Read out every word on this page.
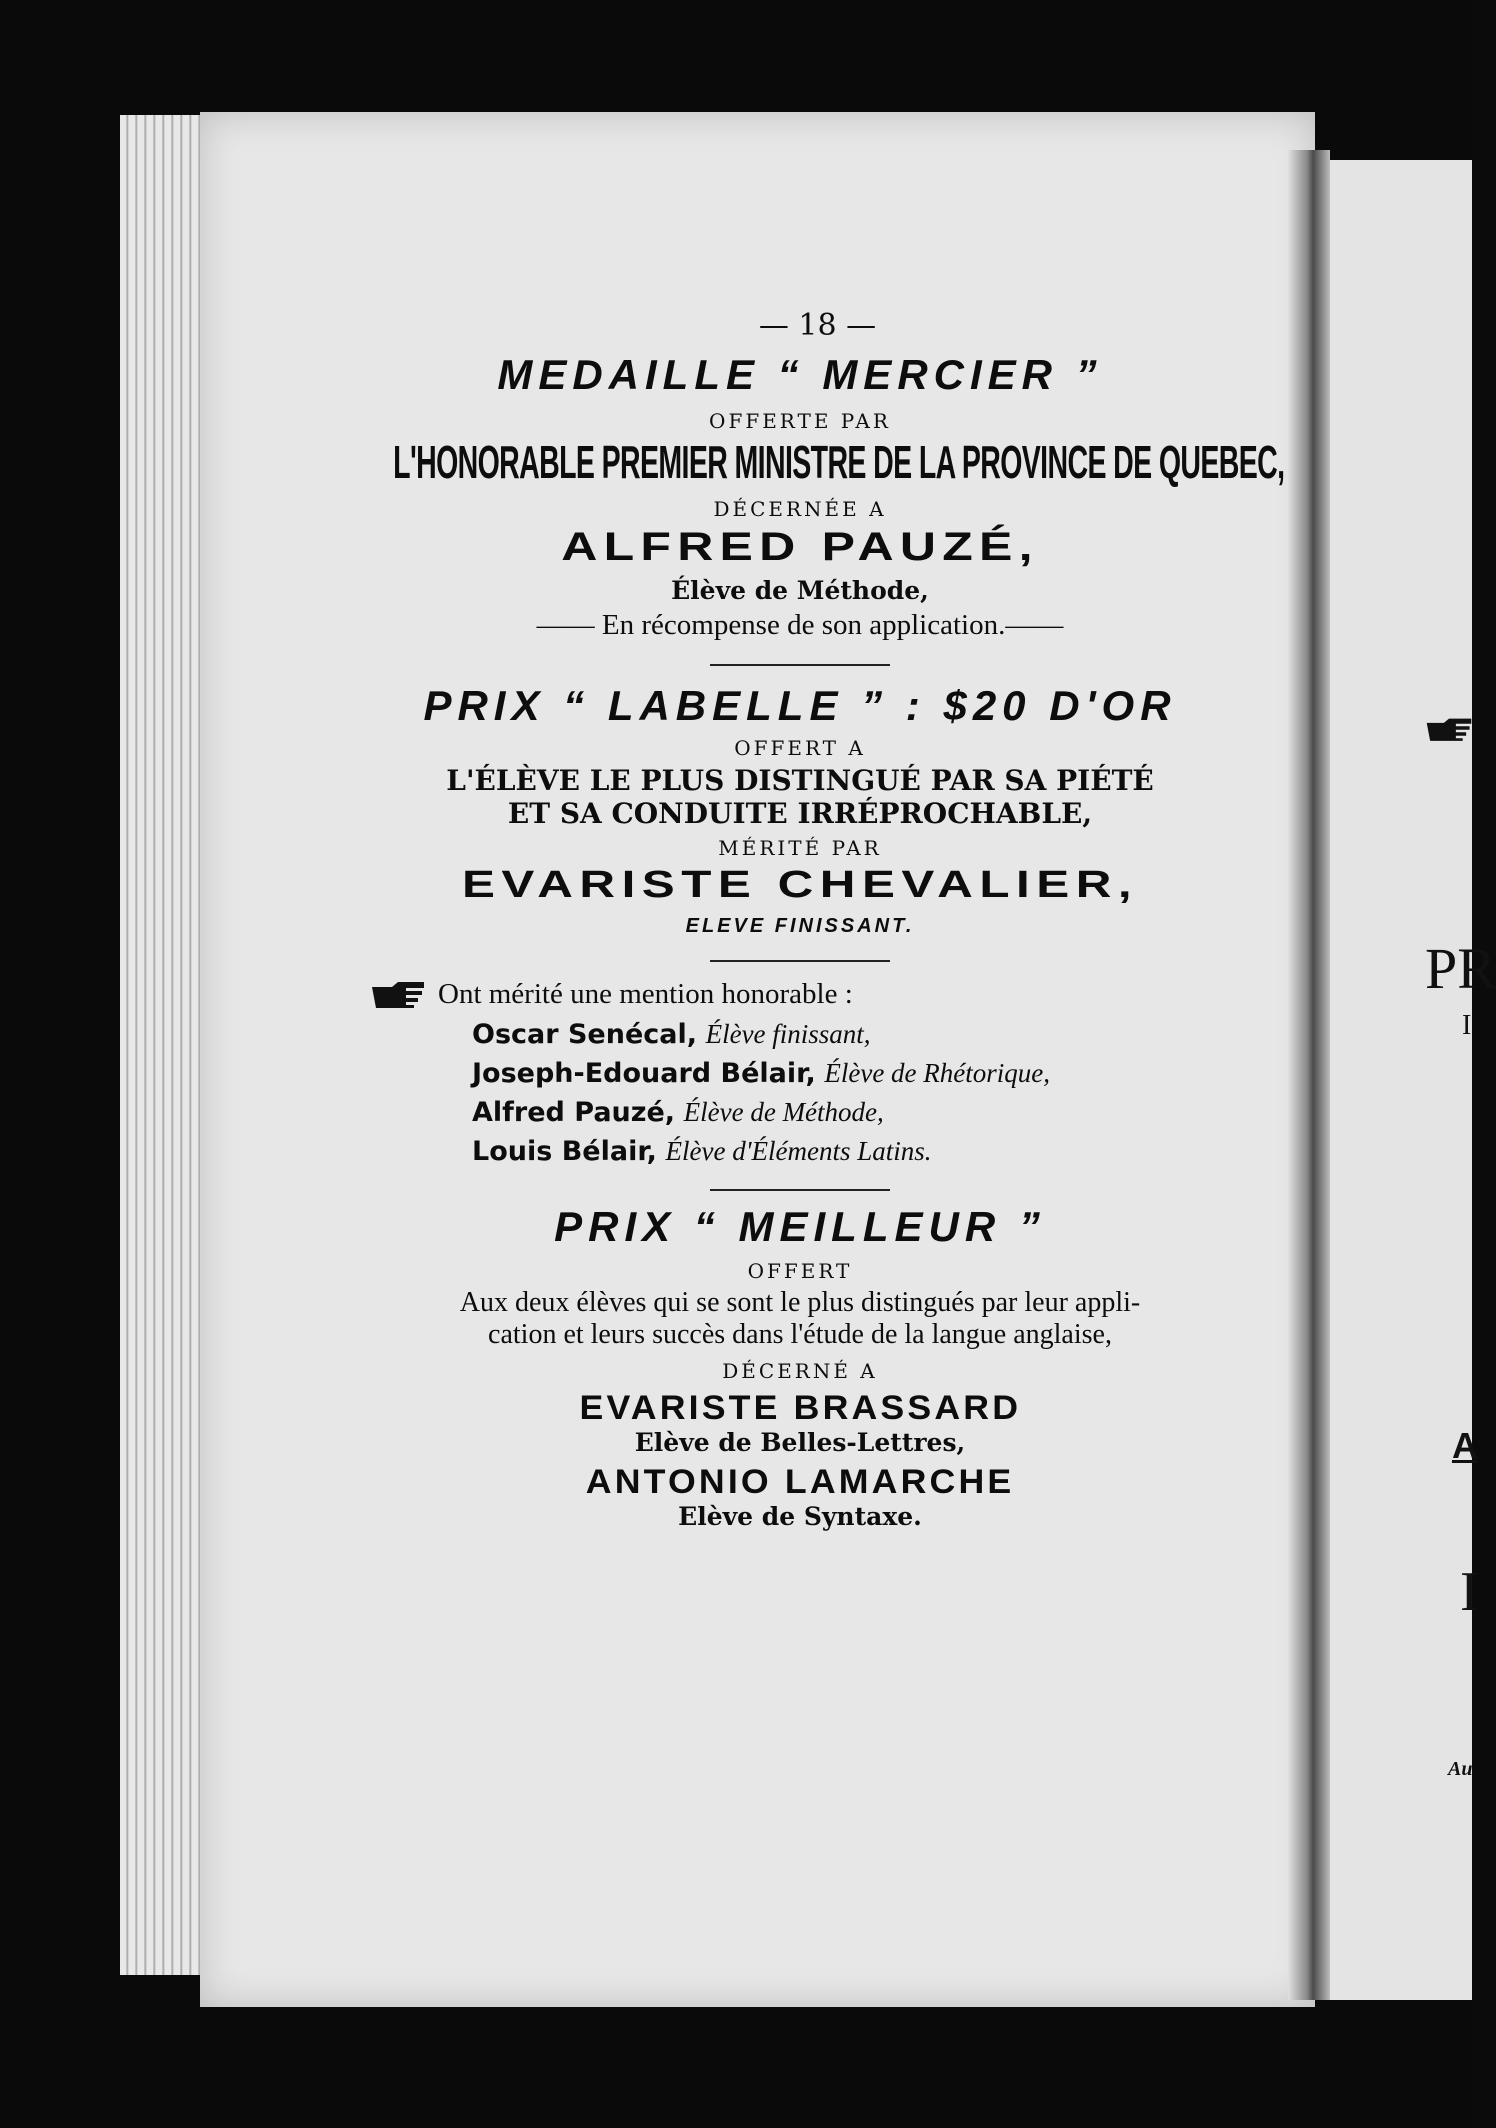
PR
I
A
I
Au
— 18 —
MEDAILLE “ MERCIER ”
OFFERTE PAR
L'HONORABLE PREMIER MINISTRE DE LA PROVINCE DE QUEBEC,
DÉCERNÉE A
ALFRED PAUZÉ,
Élève de Méthode,
—— En récompense de son application.——
PRIX “ LABELLE ” : $20 D'OR
OFFERT A
L'ÉLÈVE LE PLUS DISTINGUÉ PAR SA PIÉTÉ
ET SA CONDUITE IRRÉPROCHABLE,
MÉRITÉ PAR
EVARISTE CHEVALIER,
ELEVE FINISSANT.
Ont mérité une mention honorable :
Oscar Senécal, Élève finissant,
Joseph-Edouard Bélair, Élève de Rhétorique,
Alfred Pauzé, Élève de Méthode,
Louis Bélair, Élève d'Éléments Latins.
PRIX “ MEILLEUR ”
OFFERT
Aux deux élèves qui se sont le plus distingués par leur appli-
cation et leurs succès dans l'étude de la langue anglaise,
DÉCERNÉ A
EVARISTE BRASSARD
Elève de Belles-Lettres,
ANTONIO LAMARCHE
Elève de Syntaxe.
